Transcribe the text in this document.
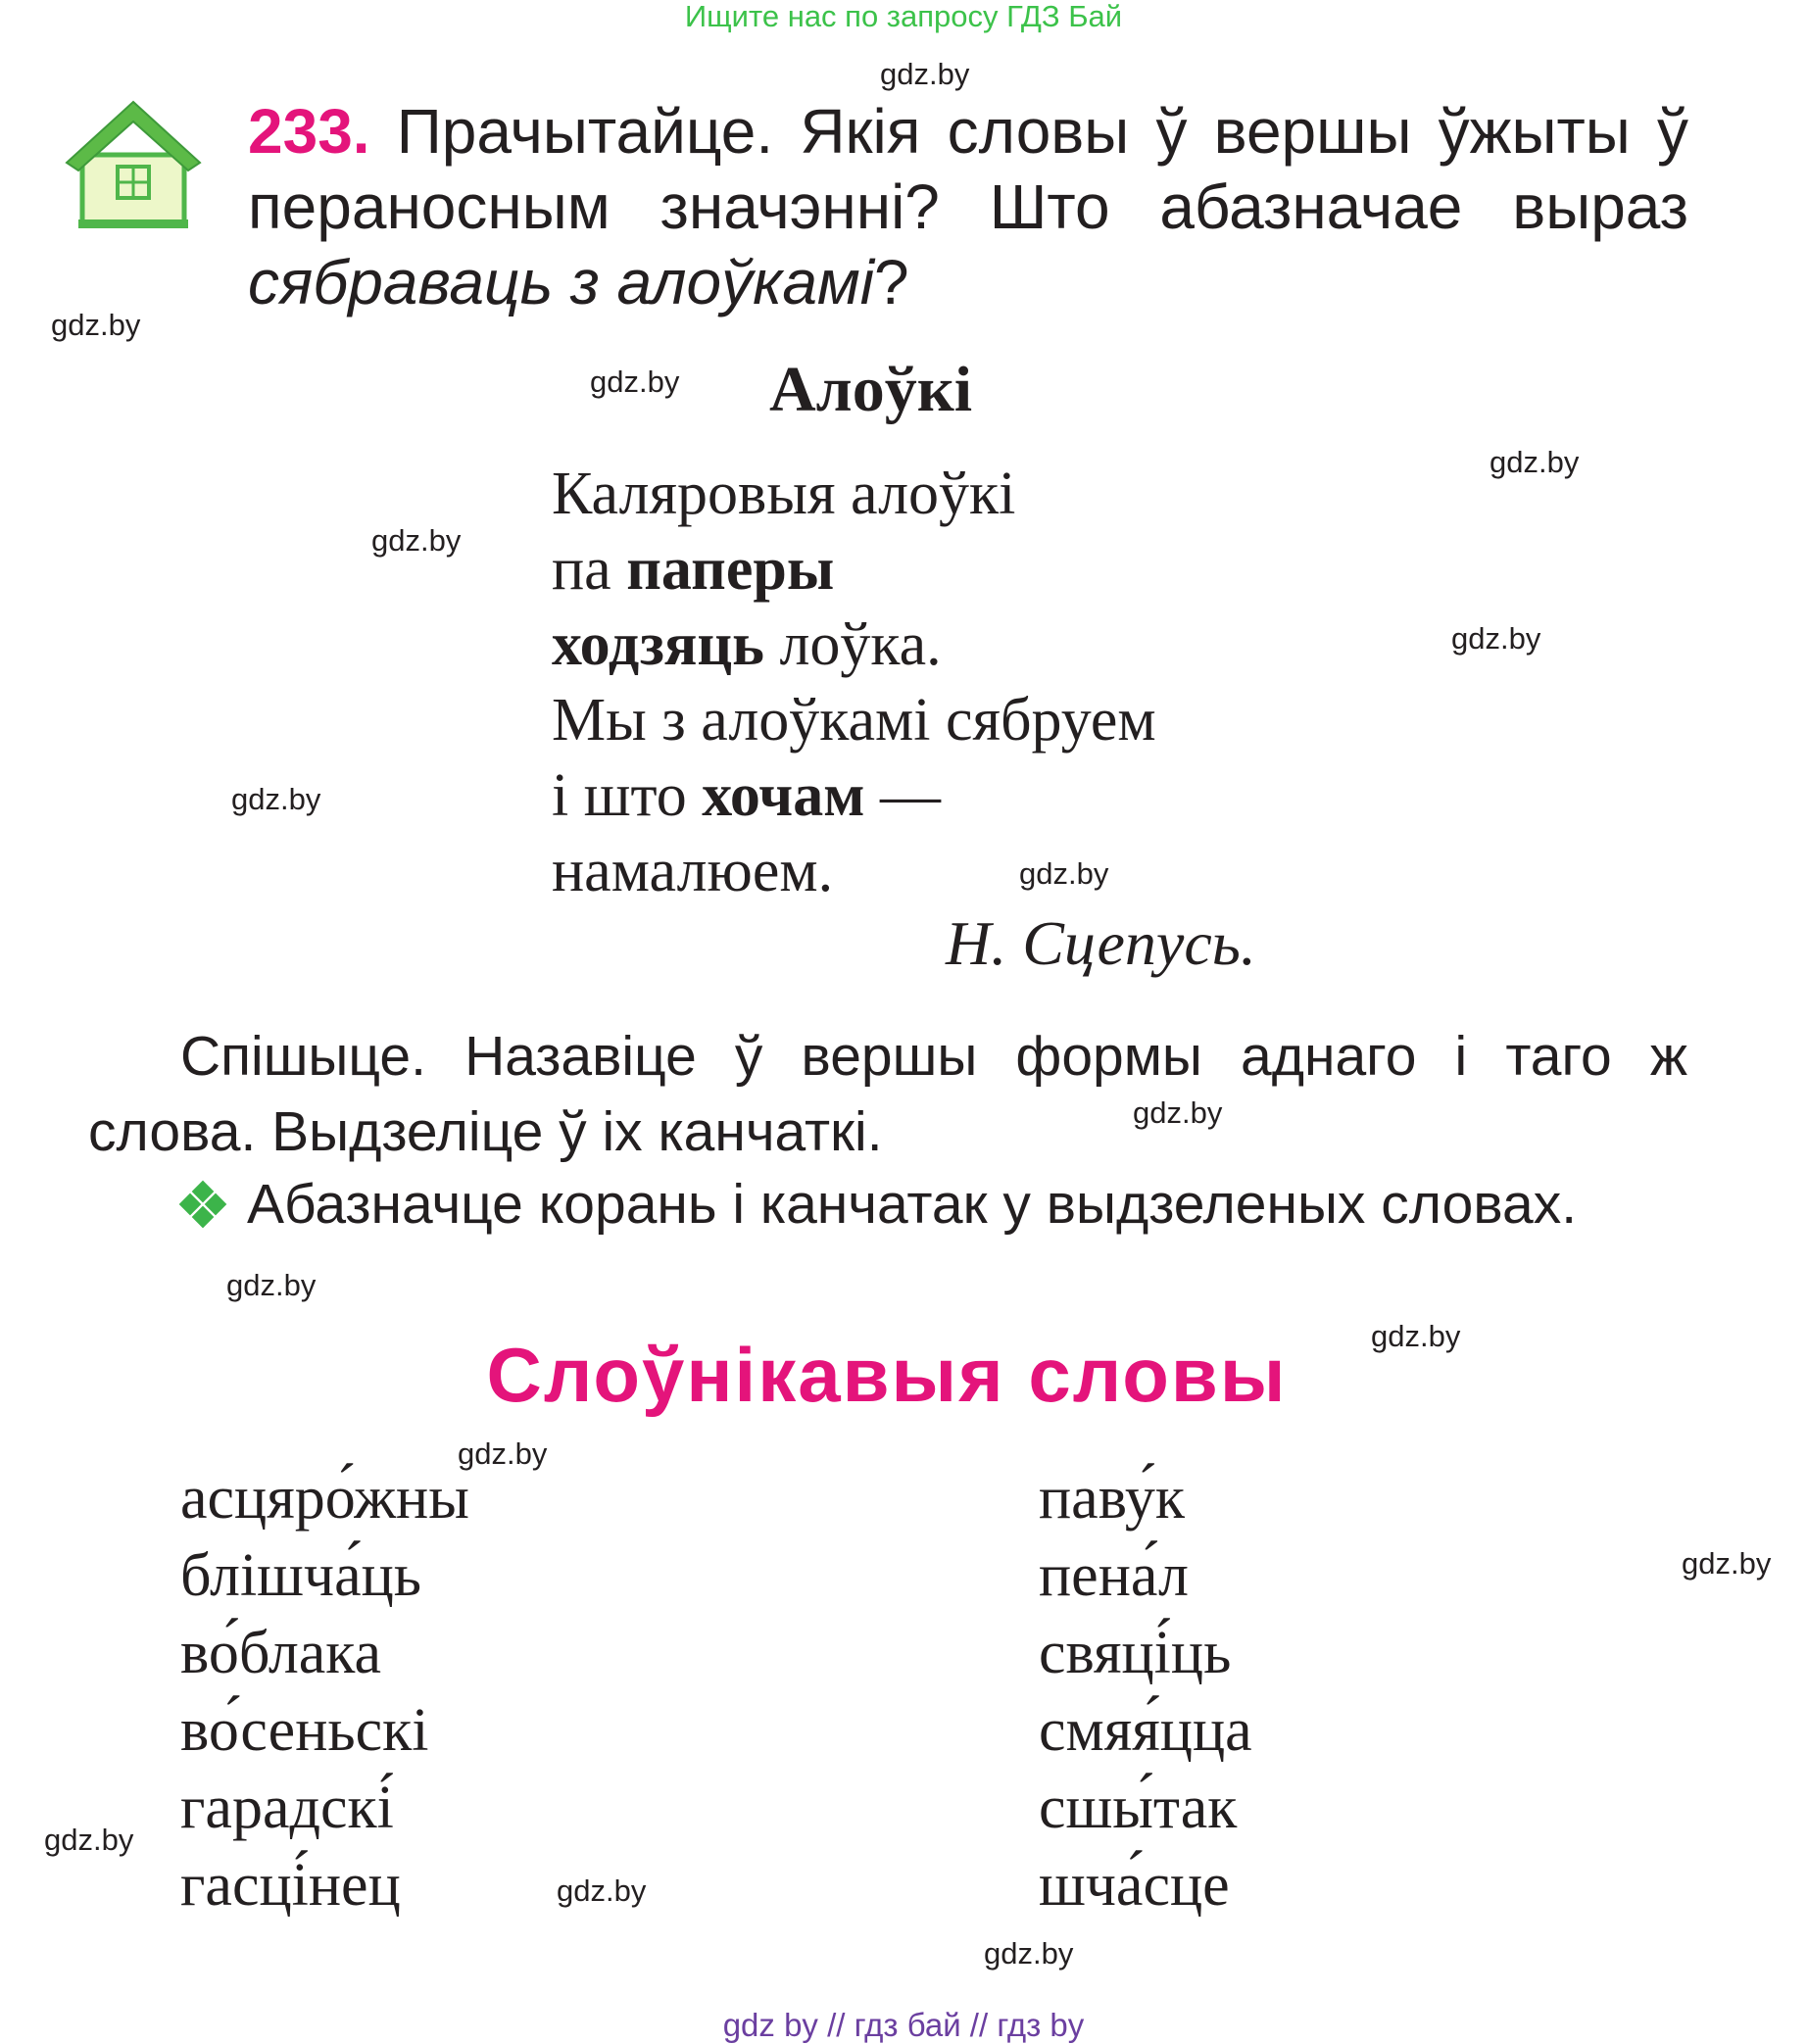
Ищите нас по запросу ГДЗ Бай
gdz.by
gdz.by
gdz.by
gdz.by
gdz.by
gdz.by
gdz.by
gdz.by
gdz.by
gdz.by
gdz.by
gdz.by
gdz.by
gdz.by
gdz.by
gdz.by
233. Прачытайце. Якія словы ў вершы ўжыты ў пераносным значэнні? Што абазначае выраз сябраваць з алоўкамі?
Алоўкі
Каляровыя алоўкі
па паперы
ходзяць лоўка.
Мы з алоўкамі сябруем
і што хочам —
намалюем.
Н. Сцепусь.
Спішыце. Назавіце ў вершы формы аднаго і таго ж
слова. Выдзеліце ў іх канчаткі.
Абазначце корань і канчатак у выдзеленых словах.
Слоўнікавыя словы
асцяро́жны
блішча́ць
во́блака
во́сеньскі
гарадскі́
гасці́нец
паву́к
пена́л
свяці́ць
смяя́цца
сшы́так
шча́сце
gdz by // гдз бай // гдз by
